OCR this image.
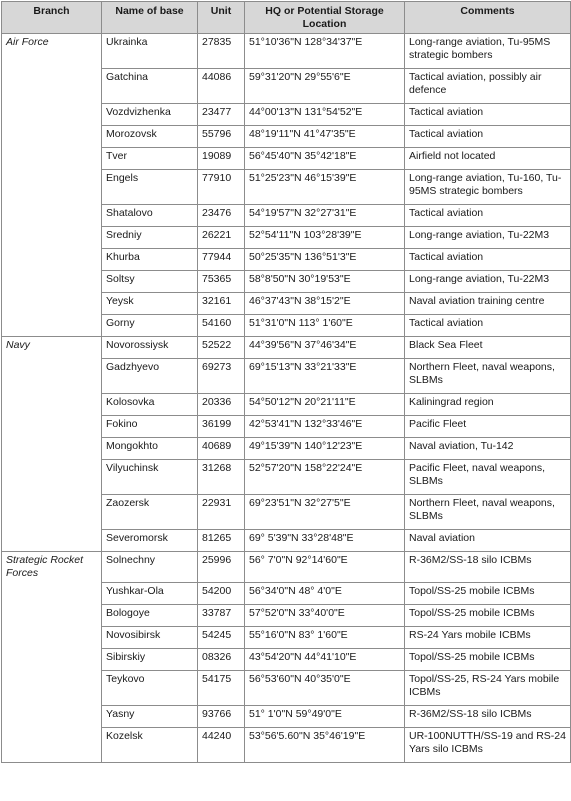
Branch	Name of base	Unit	HQ or Potential Storage Location	Comments
Air Force	Ukrainka	27835	51°10'36"N 128°34'37"E	Long-range aviation, Tu-95MS strategic bombers
	Gatchina	44086	59°31'20"N 29°55'6"E	Tactical aviation, possibly air defence
	Vozdvizhenka	23477	44°00'13"N 131°54'52"E	Tactical aviation
	Morozovsk	55796	48°19'11"N 41°47'35"E	Tactical aviation
	Tver	19089	56°45'40"N 35°42'18"E	Airfield not located
	Engels	77910	51°25'23"N 46°15'39"E	Long-range aviation, Tu-160, Tu-95MS strategic bombers
	Shatalovo	23476	54°19'57"N 32°27'31"E	Tactical aviation
	Sredniy	26221	52°54'11"N 103°28'39"E	Long-range aviation, Tu-22M3
	Khurba	77944	50°25'35"N 136°51'3"E	Tactical aviation
	Soltsy	75365	58°8'50"N 30°19'53"E	Long-range aviation, Tu-22M3
	Yeysk	32161	46°37'43"N 38°15'2"E	Naval aviation training centre
	Gorny	54160	51°31'0"N 113° 1'60"E	Tactical aviation
Navy	Novorossiysk	52522	44°39'56"N 37°46'34"E	Black Sea Fleet
	Gadzhyevo	69273	69°15'13"N 33°21'33"E	Northern Fleet, naval weapons, SLBMs
	Kolosovka	20336	54°50'12"N 20°21'11"E	Kaliningrad region
	Fokino	36199	42°53'41"N 132°33'46"E	Pacific Fleet
	Mongokhto	40689	49°15'39"N 140°12'23"E	Naval aviation, Tu-142
	Vilyuchinsk	31268	52°57'20"N 158°22'24"E	Pacific Fleet, naval weapons, SLBMs
	Zaozersk	22931	69°23'51"N 32°27'5"E	Northern Fleet, naval weapons, SLBMs
	Severomorsk	81265	69° 5'39"N 33°28'48"E	Naval aviation
Strategic Rocket Forces	Solnechny	25996	56° 7'0"N 92°14'60"E	R-36M2/SS-18 silo ICBMs
	Yushkar-Ola	54200	56°34'0"N 48° 4'0"E	Topol/SS-25 mobile ICBMs
	Bologoye	33787	57°52'0"N 33°40'0"E	Topol/SS-25 mobile ICBMs
	Novosibirsk	54245	55°16'0"N 83° 1'60"E	RS-24 Yars mobile ICBMs
	Sibirskiy	08326	43°54'20"N 44°41'10"E	Topol/SS-25 mobile ICBMs
	Teykovo	54175	56°53'60"N 40°35'0"E	Topol/SS-25, RS-24 Yars mobile ICBMs
	Yasny	93766	51° 1'0"N 59°49'0"E	R-36M2/SS-18 silo ICBMs
	Kozelsk	44240	53°56'5.60"N 35°46'19"E	UR-100NUTTH/SS-19 and RS-24 Yars silo ICBMs
